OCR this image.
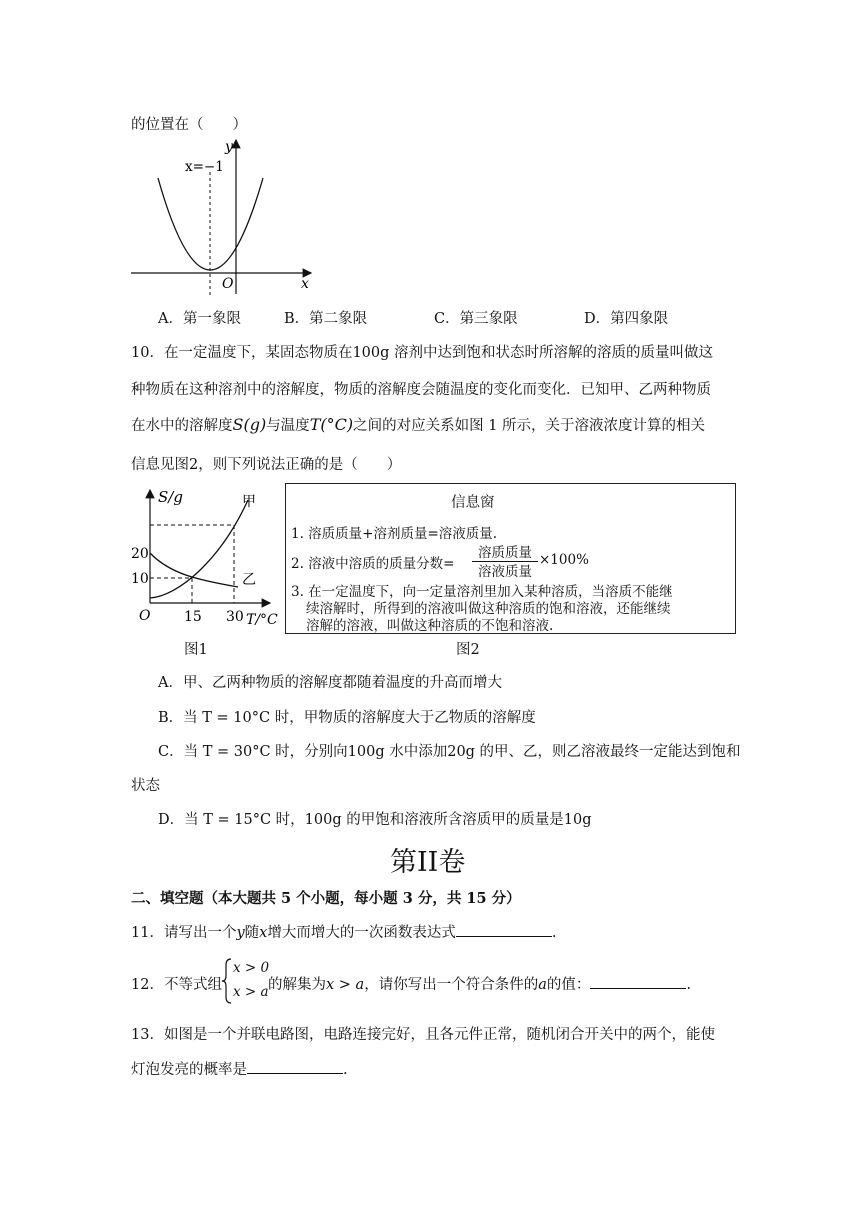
的位置在（　　）
y
x
O
x=−1
A．第一象限	B．第二象限	C．第三象限	D．第四象限
10．在一定温度下，某固态物质在100g 溶剂中达到饱和状态时所溶解的溶质的质量叫做这
种物质在这种溶剂中的溶解度，物质的溶解度会随温度的变化而变化．已知甲、乙两种物质
在水中的溶解度S(g)与温度T(°C)之间的对应关系如图 1 所示，关于溶液浓度计算的相关
信息见图2，则下列说法正确的是（　　）
S/g	甲
乙
20
10
O 15 30 T/°C
图1
信息窗
1. 溶质质量+溶剂质量=溶液质量.
2. 溶液中溶质的质量分数=
溶质质量
溶液质量
×100%
3. 在一定温度下，向一定量溶剂里加入某种溶质，当溶质不能继
续溶解时，所得到的溶液叫做这种溶质的饱和溶液，还能继续
溶解的溶液，叫做这种溶质的不饱和溶液.
图2
A．甲、乙两种物质的溶解度都随着温度的升高而增大
B．当 T = 10°C 时，甲物质的溶解度大于乙物质的溶解度
C．当 T = 30°C 时，分别向100g 水中添加20g 的甲、乙，则乙溶液最终一定能达到饱和
状态
D．当 T = 15°C 时，100g 的甲饱和溶液所含溶质甲的质量是10g
第II卷
二、填空题（本大题共 5 个小题，每小题 3 分，共 15 分）
11．请写出一个y随x增大而增大的一次函数表达式	.
12．不等式组
x > 0
x > a 的解集为x > a，请你写出一个符合条件的a的值：	.
13．如图是一个并联电路图，电路连接完好，且各元件正常，随机闭合开关中的两个，能使
灯泡发亮的概率是	.
